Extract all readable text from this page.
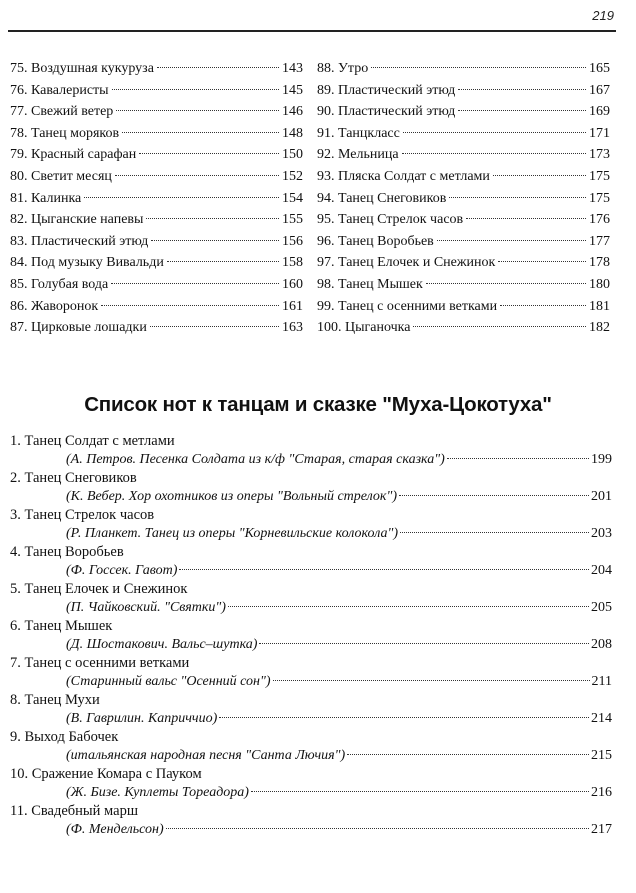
219
75. Воздушная кукуруза	143
76. Кавалеристы	145
77. Свежий ветер	146
78. Танец моряков	148
79. Красный сарафан	150
80. Светит месяц	152
81. Калинка	154
82. Цыганские напевы	155
83. Пластический этюд	156
84. Под музыку Вивальди	158
85. Голубая вода	160
86. Жаворонок	161
87. Цирковые лошадки	163
88. Утро	165
89. Пластический этюд	167
90. Пластический этюд	169
91. Танцкласс	171
92. Мельница	173
93. Пляска Солдат с метлами	175
94. Танец Снеговиков	175
95. Танец Стрелок часов	176
96. Танец Воробьев	177
97. Танец Елочек и Снежинок	178
98. Танец Мышек	180
99. Танец с осенними ветками	181
100. Цыганочка	182
Список нот к танцам и сказке "Муха-Цокотуха"
1. Танец Солдат с метлами
(А. Петров. Песенка Солдата из к/ф "Старая, старая сказка")	199
2. Танец Снеговиков
(К. Вебер. Хор охотников из оперы "Вольный стрелок")	201
3. Танец Стрелок часов
(Р. Планкет. Танец из оперы "Корневильские колокола")	203
4. Танец Воробьев
(Ф. Госсек. Гавот)	204
5. Танец Елочек и Снежинок
(П. Чайковский. "Святки")	205
6. Танец Мышек
(Д. Шостакович. Вальс–шутка)	208
7. Танец с осенними ветками
(Старинный вальс "Осенний сон")	211
8. Танец Мухи
(В. Гаврилин. Каприччио)	214
9. Выход Бабочек
(итальянская народная песня "Санта Лючия")	215
10. Сражение Комара с Пауком
(Ж. Бизе. Куплеты Тореадора)	216
11. Свадебный марш
(Ф. Мендельсон)	217
